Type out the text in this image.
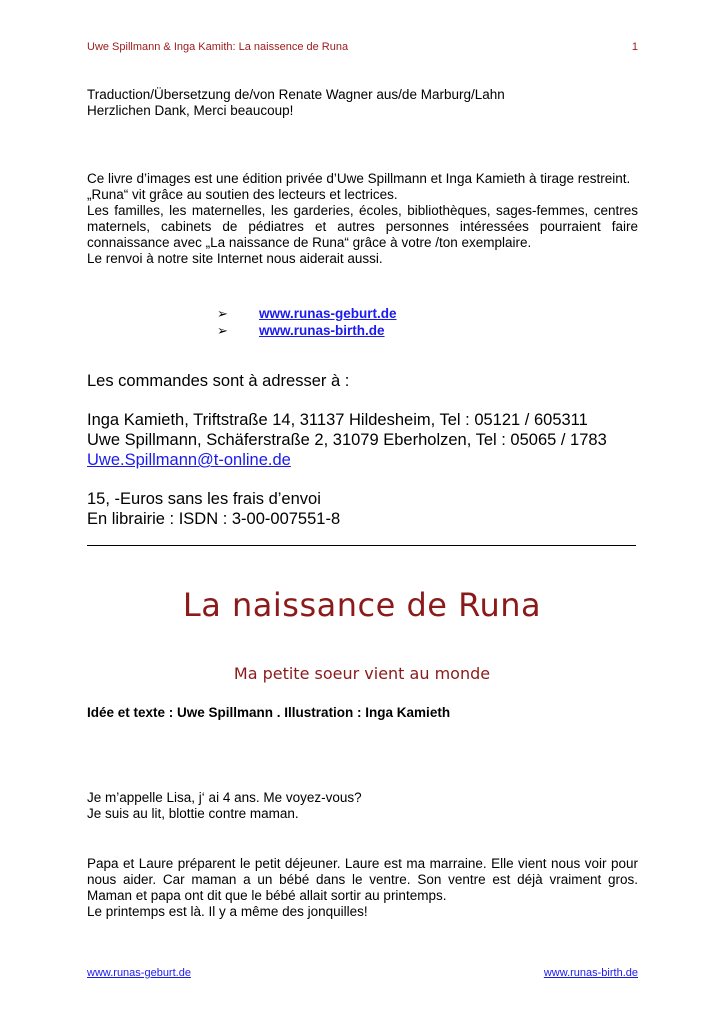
Uwe Spillmann & Inga Kamith: La naissence de Runa	1
Traduction/Übersetzung de/von Renate Wagner aus/de Marburg/Lahn
Herzlichen Dank, Merci beaucoup!
Ce livre d’images est une édition privée d’Uwe Spillmann et Inga Kamieth à tirage restreint.
„Runa“ vit grâce au soutien des lecteurs et lectrices.
Les familles, les maternelles, les garderies, écoles, bibliothèques, sages-femmes, centres maternels, cabinets de pédiatres et autres personnes intéressées pourraient faire connaissance avec „La naissance de Runa“ grâce à votre /ton exemplaire.
Le renvoi à notre site Internet nous aiderait aussi.
➢	www.runas-geburt.de
➢	www.runas-birth.de
Les commandes sont à adresser à :
Inga Kamieth, Triftstraße 14, 31137 Hildesheim, Tel : 05121 / 605311
Uwe Spillmann, Schäferstraße 2, 31079 Eberholzen, Tel : 05065 / 1783
Uwe.Spillmann@t-online.de
15, -Euros sans les frais d’envoi
En librairie : ISDN : 3-00-007551-8
La naissance de Runa
Ma petite soeur vient au monde
Idée et texte : Uwe Spillmann . Illustration : Inga Kamieth
Je m’appelle Lisa, j‘ ai 4 ans. Me voyez-vous?
Je suis au lit, blottie contre maman.
Papa et Laure préparent le petit déjeuner. Laure est ma marraine. Elle vient nous voir pour nous aider. Car maman a un bébé dans le ventre. Son ventre est déjà vraiment gros. Maman et papa ont dit que le bébé allait sortir au printemps.
Le printemps est là. Il y a même des jonquilles!
www.runas-geburt.de	www.runas-birth.de
